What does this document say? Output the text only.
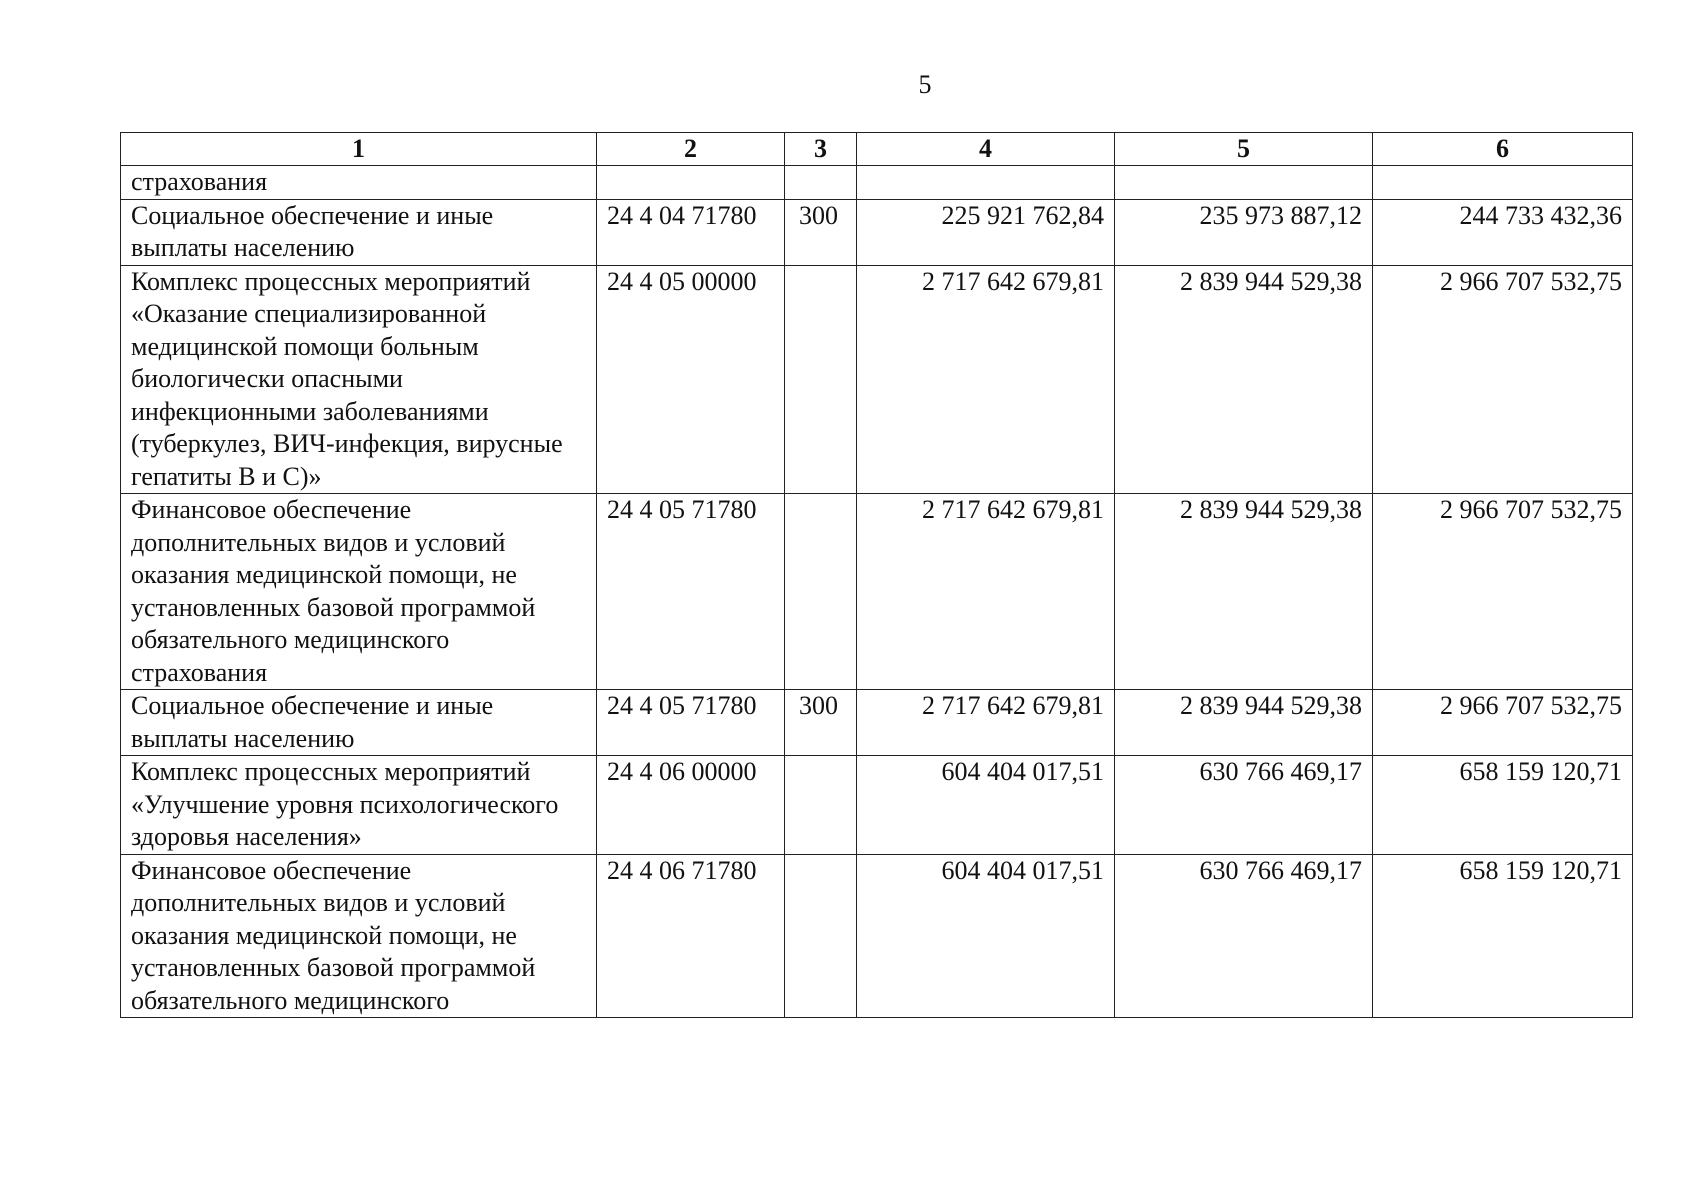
5
1	2	3	4	5	6
страхования					
Социальное обеспечение и иные выплаты населению	24 4 04 71780	300	225 921 762,84	235 973 887,12	244 733 432,36
Комплекс процессных мероприятий «Оказание специализированной медицинской помощи больным биологически опасными инфекционными заболеваниями (туберкулез, ВИЧ-инфекция, вирусные гепатиты В и С)»	24 4 05 00000		2 717 642 679,81	2 839 944 529,38	2 966 707 532,75
Финансовое обеспечение дополнительных видов и условий оказания медицинской помощи, не установленных базовой программой обязательного медицинского страхования	24 4 05 71780		2 717 642 679,81	2 839 944 529,38	2 966 707 532,75
Социальное обеспечение и иные выплаты населению	24 4 05 71780	300	2 717 642 679,81	2 839 944 529,38	2 966 707 532,75
Комплекс процессных мероприятий «Улучшение уровня психологического здоровья населения»	24 4 06 00000		604 404 017,51	630 766 469,17	658 159 120,71
Финансовое обеспечение дополнительных видов и условий оказания медицинской помощи, не установленных базовой программой обязательного медицинского	24 4 06 71780		604 404 017,51	630 766 469,17	658 159 120,71
